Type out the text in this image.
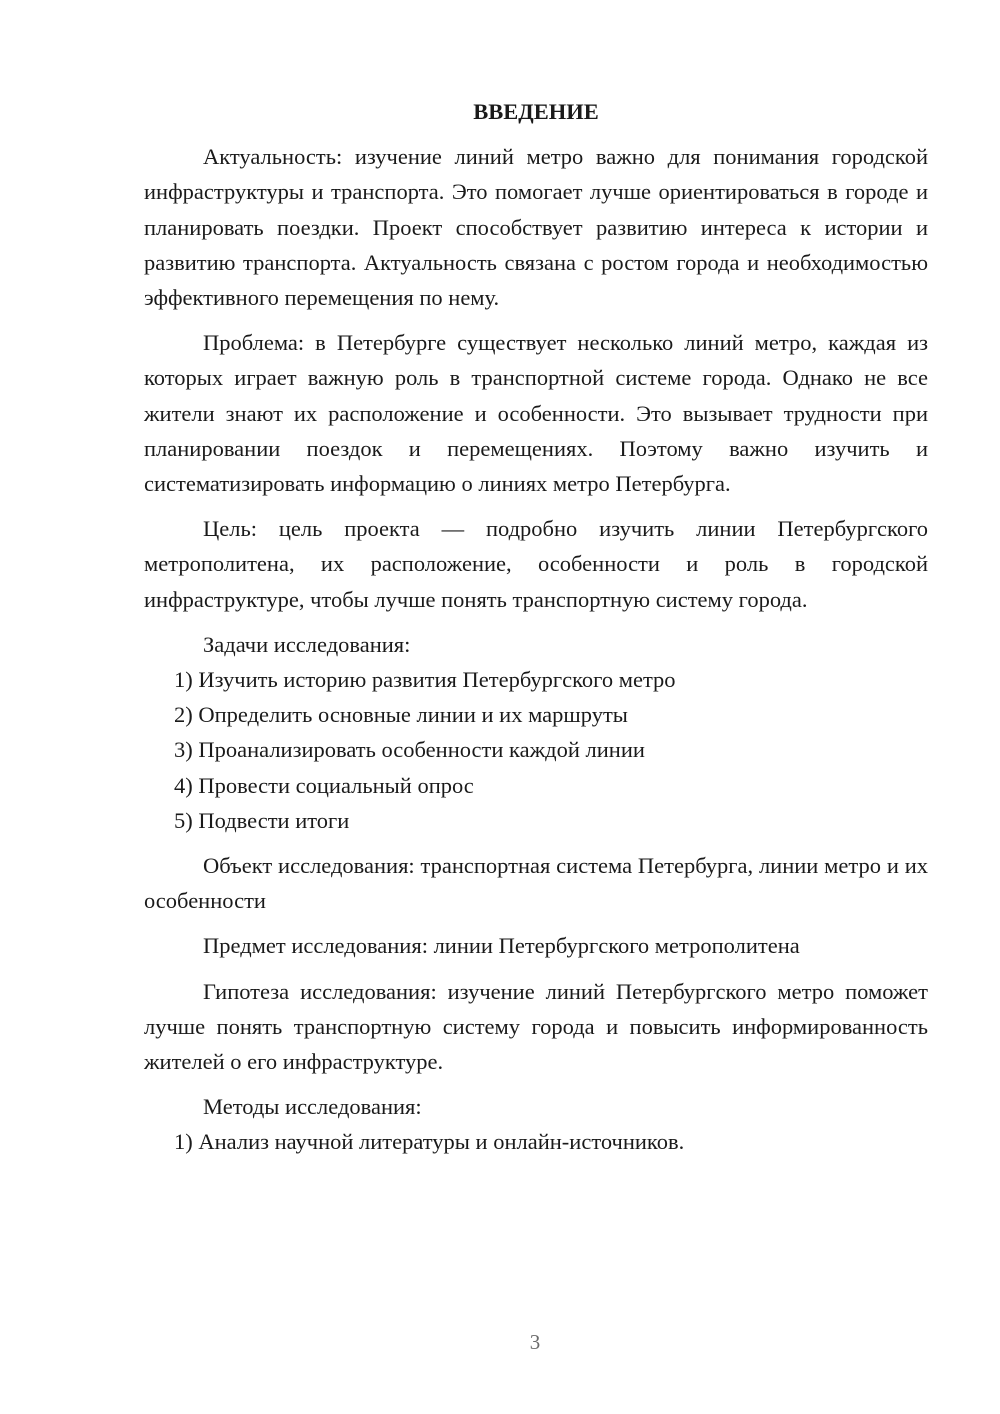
ВВЕДЕНИЕ

Актуальность: изучение линий метро важно для понимания городской инфраструктуры и транспорта. Это помогает лучше ориентироваться в городе и планировать поездки. Проект способствует развитию интереса к истории и развитию транспорта. Актуальность связана с ростом города и необходимостью эффективного перемещения по нему.

Проблема: в Петербурге существует несколько линий метро, каждая из которых играет важную роль в транспортной системе города. Однако не все жители знают их расположение и особенности. Это вызывает трудности при планировании поездок и перемещениях. Поэтому важно изучить и систематизировать информацию о линиях метро Петербурга.

Цель: цель проекта — подробно изучить линии Петербургского метрополитена, их расположение, особенности и роль в городской инфраструктуре, чтобы лучше понять транспортную систему города.

Задачи исследования:

1) Изучить историю развития Петербургского метро

2) Определить основные линии и их маршруты

3) Проанализировать особенности каждой линии

4) Провести социальный опрос

5) Подвести итоги

Объект исследования: транспортная система Петербурга, линии метро и их особенности

Предмет исследования: линии Петербургского метрополитена

Гипотеза исследования: изучение линий Петербургского метро поможет лучше понять транспортную систему города и повысить информированность жителей о его инфраструктуре.

Методы исследования:

1) Анализ научной литературы и онлайн-источников.

3
